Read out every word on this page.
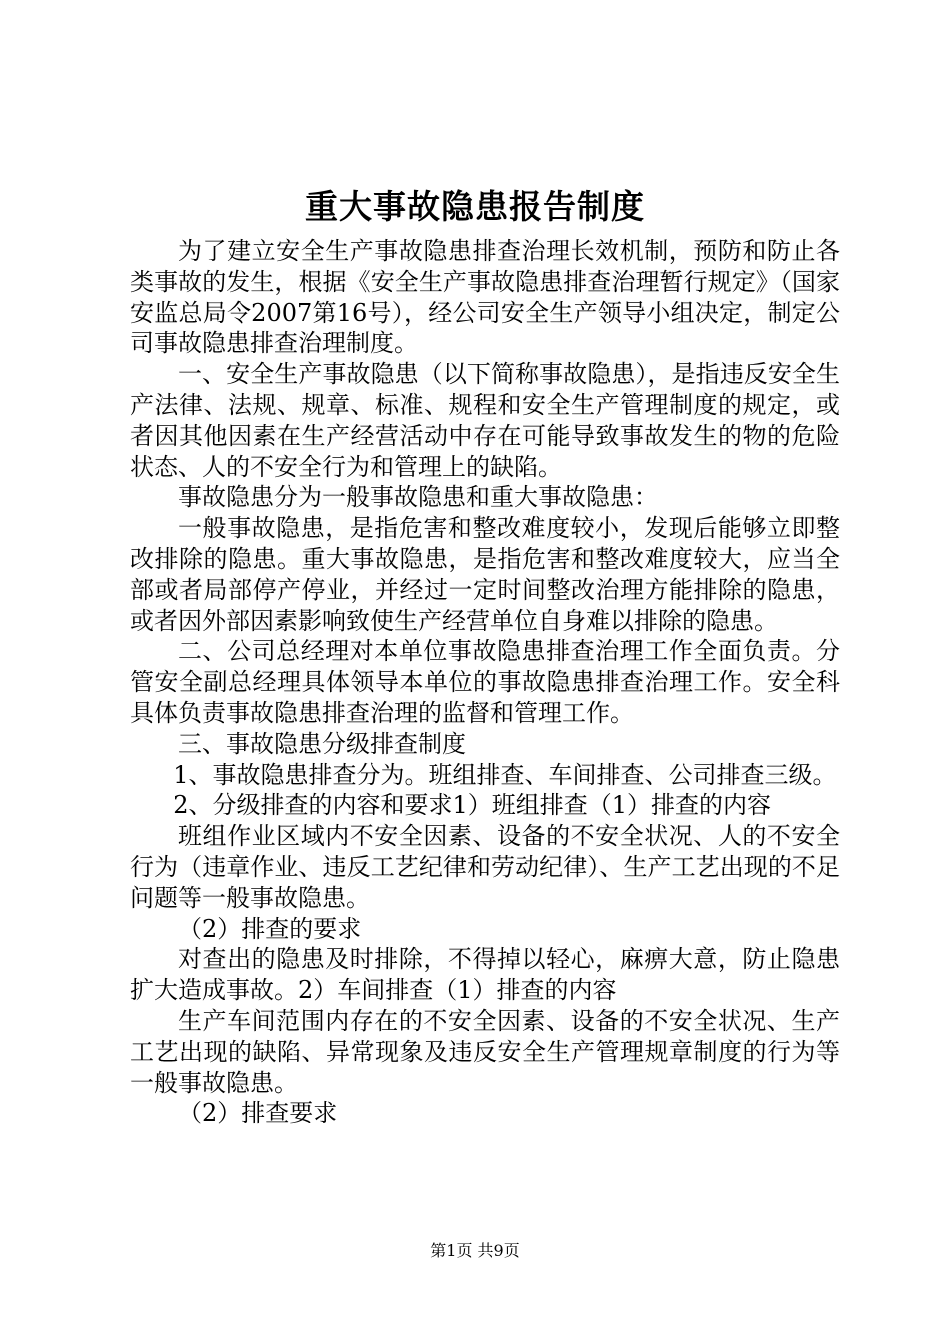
重大事故隐患报告制度

为了建立安全生产事故隐患排查治理长效机制，预防和防止各类事故的发生，根据《安全生产事故隐患排查治理暂行规定》（国家安监总局令2007第16号），经公司安全生产领导小组决定，制定公司事故隐患排查治理制度。

一、安全生产事故隐患（以下简称事故隐患），是指违反安全生产法律、法规、规章、标准、规程和安全生产管理制度的规定，或者因其他因素在生产经营活动中存在可能导致事故发生的物的危险状态、人的不安全行为和管理上的缺陷。

事故隐患分为一般事故隐患和重大事故隐患：

一般事故隐患，是指危害和整改难度较小，发现后能够立即整改排除的隐患。重大事故隐患，是指危害和整改难度较大，应当全部或者局部停产停业，并经过一定时间整改治理方能排除的隐患，或者因外部因素影响致使生产经营单位自身难以排除的隐患。

二、公司总经理对本单位事故隐患排查治理工作全面负责。分管安全副总经理具体领导本单位的事故隐患排查治理工作。安全科具体负责事故隐患排查治理的监督和管理工作。

三、事故隐患分级排查制度

1、事故隐患排查分为。班组排查、车间排查、公司排查三级。

2、分级排查的内容和要求1）班组排查（1）排查的内容

班组作业区域内不安全因素、设备的不安全状况、人的不安全行为（违章作业、违反工艺纪律和劳动纪律）、生产工艺出现的不足问题等一般事故隐患。

（2）排查的要求

对查出的隐患及时排除，不得掉以轻心，麻痹大意，防止隐患扩大造成事故。2）车间排查（1）排查的内容

生产车间范围内存在的不安全因素、设备的不安全状况、生产工艺出现的缺陷、异常现象及违反安全生产管理规章制度的行为等一般事故隐患。

（2）排查要求

第1页 共9页
